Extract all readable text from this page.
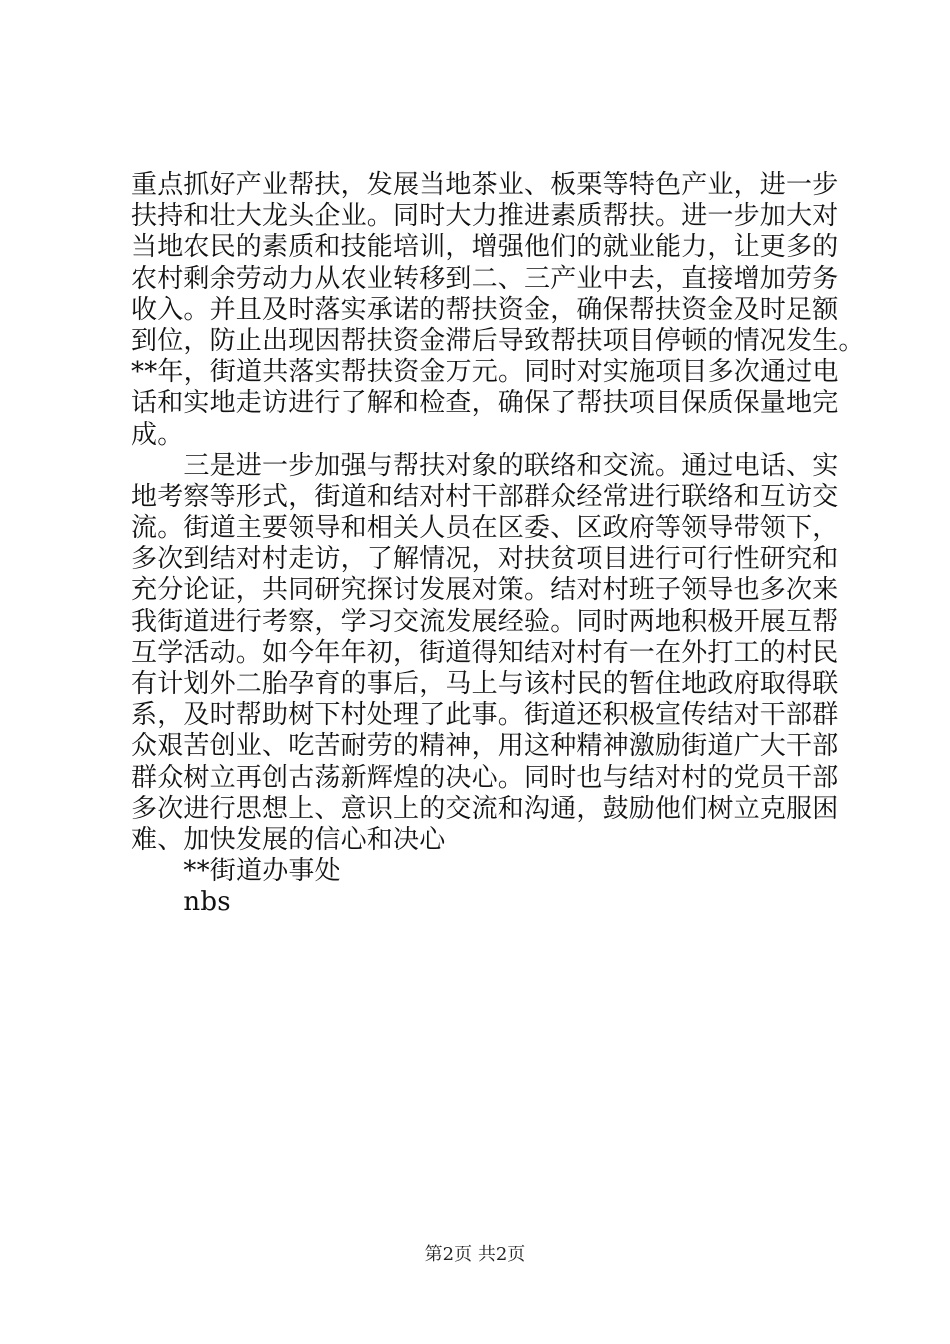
重点抓好产业帮扶，发展当地茶业、板栗等特色产业，进一步
扶持和壮大龙头企业。同时大力推进素质帮扶。进一步加大对
当地农民的素质和技能培训，增强他们的就业能力，让更多的
农村剩余劳动力从农业转移到二、三产业中去，直接增加劳务
收入。并且及时落实承诺的帮扶资金，确保帮扶资金及时足额
到位，防止出现因帮扶资金滞后导致帮扶项目停顿的情况发生。
**年，街道共落实帮扶资金万元。同时对实施项目多次通过电
话和实地走访进行了解和检查，确保了帮扶项目保质保量地完
成。
　　三是进一步加强与帮扶对象的联络和交流。通过电话、实
地考察等形式，街道和结对村干部群众经常进行联络和互访交
流。街道主要领导和相关人员在区委、区政府等领导带领下，
多次到结对村走访，了解情况，对扶贫项目进行可行性研究和
充分论证，共同研究探讨发展对策。结对村班子领导也多次来
我街道进行考察，学习交流发展经验。同时两地积极开展互帮
互学活动。如今年年初，街道得知结对村有一在外打工的村民
有计划外二胎孕育的事后，马上与该村民的暂住地政府取得联
系，及时帮助树下村处理了此事。街道还积极宣传结对干部群
众艰苦创业、吃苦耐劳的精神，用这种精神激励街道广大干部
群众树立再创古荡新辉煌的决心。同时也与结对村的党员干部
多次进行思想上、意识上的交流和沟通，鼓励他们树立克服困
难、加快发展的信心和决心
　　**街道办事处
　　nbs
第2页 共2页
